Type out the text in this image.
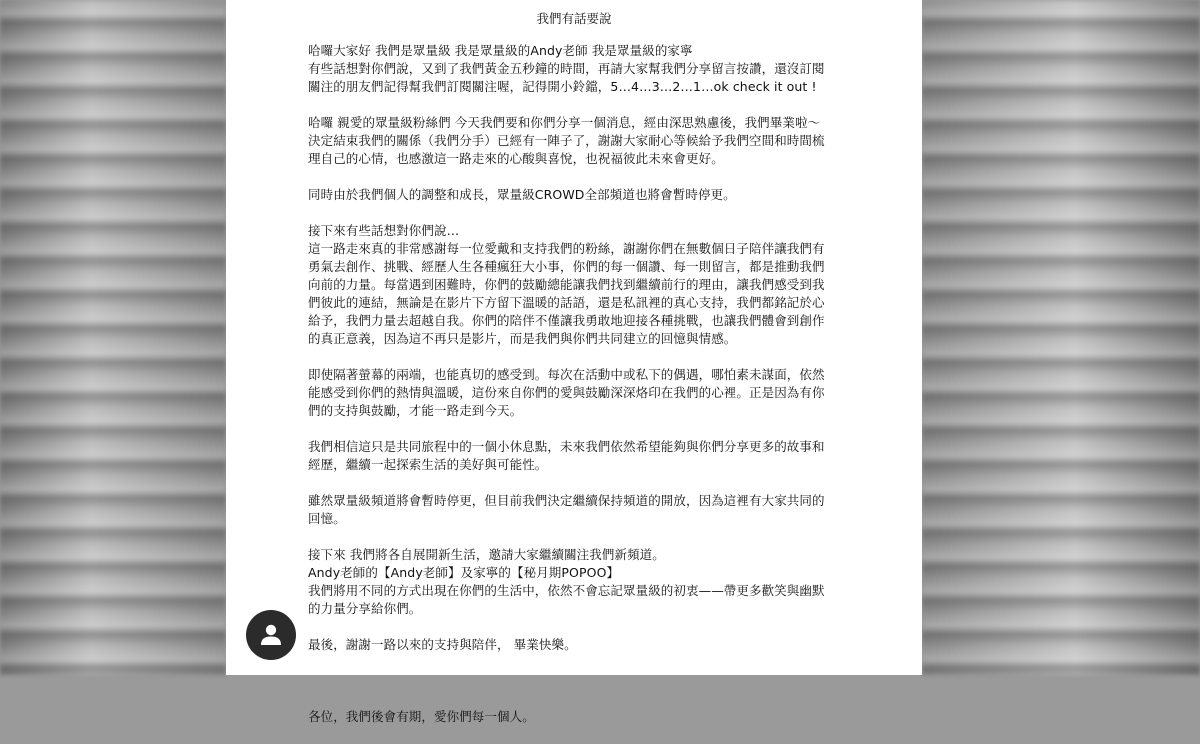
我們有話要說
哈囉大家好 我們是眾量級 我是眾量級的Andy老師 我是眾量級的家寧
有些話想對你們說，又到了我們黃金五秒鐘的時間，再請大家幫我們分享留言按讚，還沒訂閱
關注的朋友們記得幫我們訂閱關注喔，記得開小鈴鐺，5…4…3…2…1…ok check it out !
哈囉 親愛的眾量級粉絲們 今天我們要和你們分享一個消息，經由深思熟慮後，我們畢業啦～
決定結束我們的關係（我們分手）已經有一陣子了，謝謝大家耐心等候給予我們空間和時間梳
理自己的心情，也感激這一路走來的心酸與喜悅，也祝福彼此未來會更好。
同時由於我們個人的調整和成長，眾量級CROWD全部頻道也將會暫時停更。
接下來有些話想對你們說…
這一路走來真的非常感謝每一位愛戴和支持我們的粉絲，謝謝你們在無數個日子陪伴讓我們有
勇氣去創作、挑戰、經歷人生各種瘋狂大小事，你們的每一個讚、每一則留言，都是推動我們
向前的力量。每當遇到困難時，你們的鼓勵總能讓我們找到繼續前行的理由，讓我們感受到我
們彼此的連結，無論是在影片下方留下溫暖的話語，還是私訊裡的真心支持，我們都銘記於心
給予，我們力量去超越自我。你們的陪伴不僅讓我勇敢地迎接各種挑戰，也讓我們體會到創作
的真正意義，因為這不再只是影片，而是我們與你們共同建立的回憶與情感。
即使隔著螢幕的兩端，也能真切的感受到。每次在活動中或私下的偶遇，哪怕素未謀面，依然
能感受到你們的熱情與溫暖，這份來自你們的愛與鼓勵深深烙印在我們的心裡。正是因為有你
們的支持與鼓勵，才能一路走到今天。
我們相信這只是共同旅程中的一個小休息點，未來我們依然希望能夠與你們分享更多的故事和
經歷，繼續一起探索生活的美好與可能性。
雖然眾量級頻道將會暫時停更，但目前我們決定繼續保持頻道的開放，因為這裡有大家共同的
回憶。
接下來 我們將各自展開新生活，邀請大家繼續關注我們新頻道。
Andy老師的【Andy老師】及家寧的【秘月期POPOO】
我們將用不同的方式出現在你們的生活中，依然不會忘記眾量級的初衷——帶更多歡笑與幽默
的力量分享給你們。
最後，謝謝一路以來的支持與陪伴， 畢業快樂。

各位，我們後會有期，愛你們每一個人。
